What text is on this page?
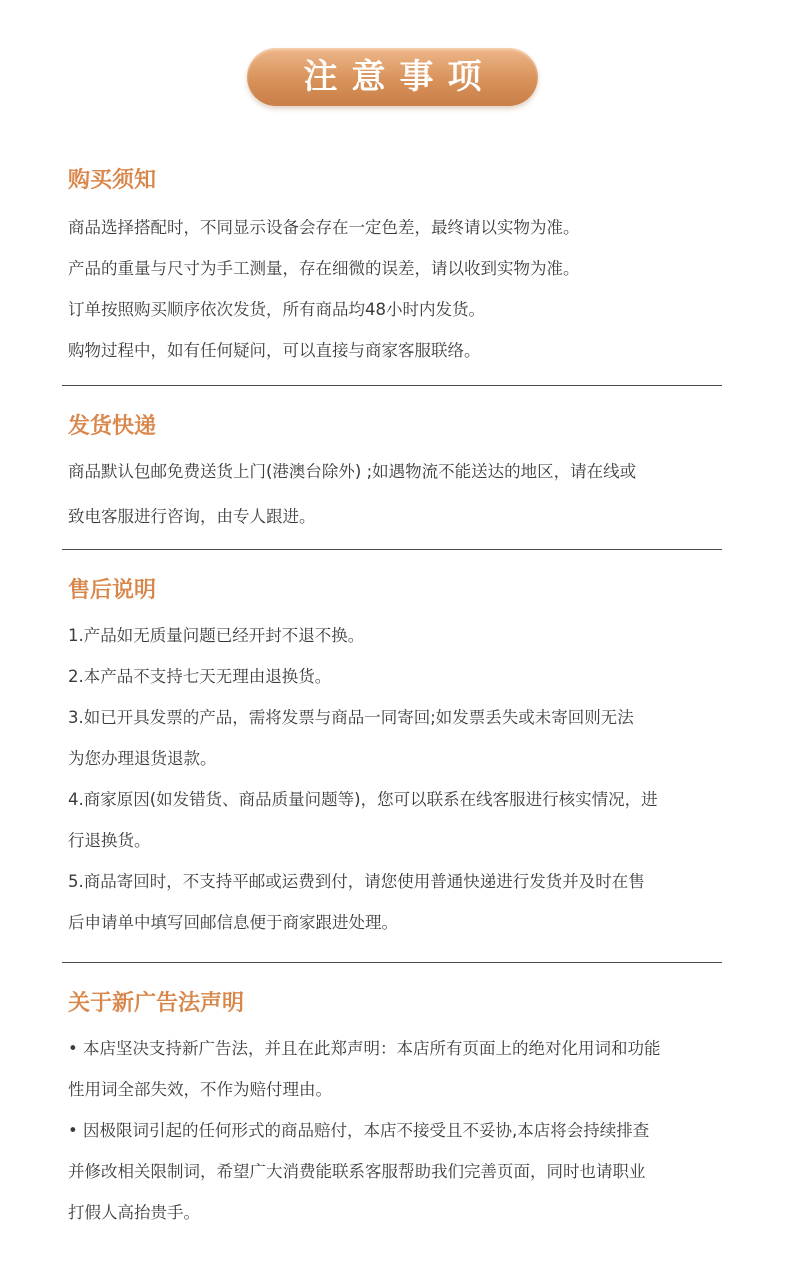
注意事项
购买须知
商品选择搭配时，不同显示设备会存在一定色差，最终请以实物为准。
产品的重量与尺寸为手工测量，存在细微的误差，请以收到实物为准。
订单按照购买顺序依次发货，所有商品均48小时内发货。
购物过程中，如有任何疑问，可以直接与商家客服联络。
发货快递
商品默认包邮免费送货上门(港澳台除外) ;如遇物流不能送达的地区，请在线或
致电客服进行咨询，由专人跟进。
售后说明
1.产品如无质量问题已经开封不退不换。
2.本产品不支持七天无理由退换货。
3.如已开具发票的产品，需将发票与商品一同寄回;如发票丢失或未寄回则无法
为您办理退货退款。
4.商家原因(如发错货、商品质量问题等)，您可以联系在线客服进行核实情况，进
行退换货。
5.商品寄回时，不支持平邮或运费到付，请您使用普通快递进行发货并及时在售
后申请单中填写回邮信息便于商家跟进处理。
关于新广告法声明
• 本店坚决支持新广告法，并且在此郑声明：本店所有页面上的绝对化用词和功能
性用词全部失效，不作为赔付理由。
• 因极限词引起的任何形式的商品赔付，本店不接受且不妥协,本店将会持续排查
并修改相关限制词，希望广大消费能联系客服帮助我们完善页面，同时也请职业
打假人高抬贵手。
